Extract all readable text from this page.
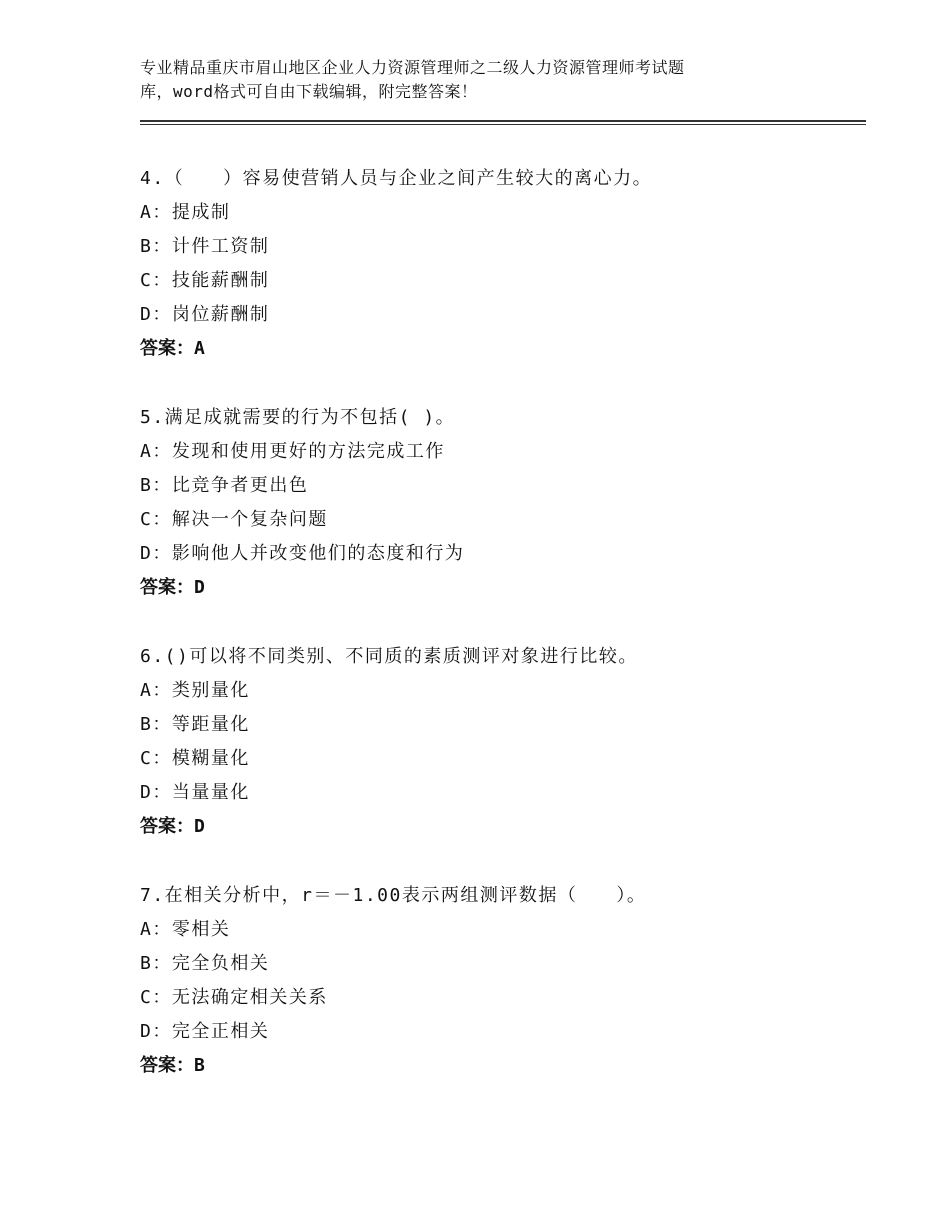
专业精品重庆市眉山地区企业人力资源管理师之二级人力资源管理师考试题
库，word格式可自由下载编辑，附完整答案！
4.（　　）容易使营销人员与企业之间产生较大的离心力。
A：提成制
B：计件工资制
C：技能薪酬制
D：岗位薪酬制
答案：A
5.满足成就需要的行为不包括( )。
A：发现和使用更好的方法完成工作
B：比竞争者更出色
C：解决一个复杂问题
D：影响他人并改变他们的态度和行为
答案：D
6.()可以将不同类别、不同质的素质测评对象进行比较。
A：类别量化
B：等距量化
C：模糊量化
D：当量量化
答案：D
7.在相关分析中，r＝－1.00表示两组测评数据（　　）。
A：零相关
B：完全负相关
C：无法确定相关关系
D：完全正相关
答案：B
